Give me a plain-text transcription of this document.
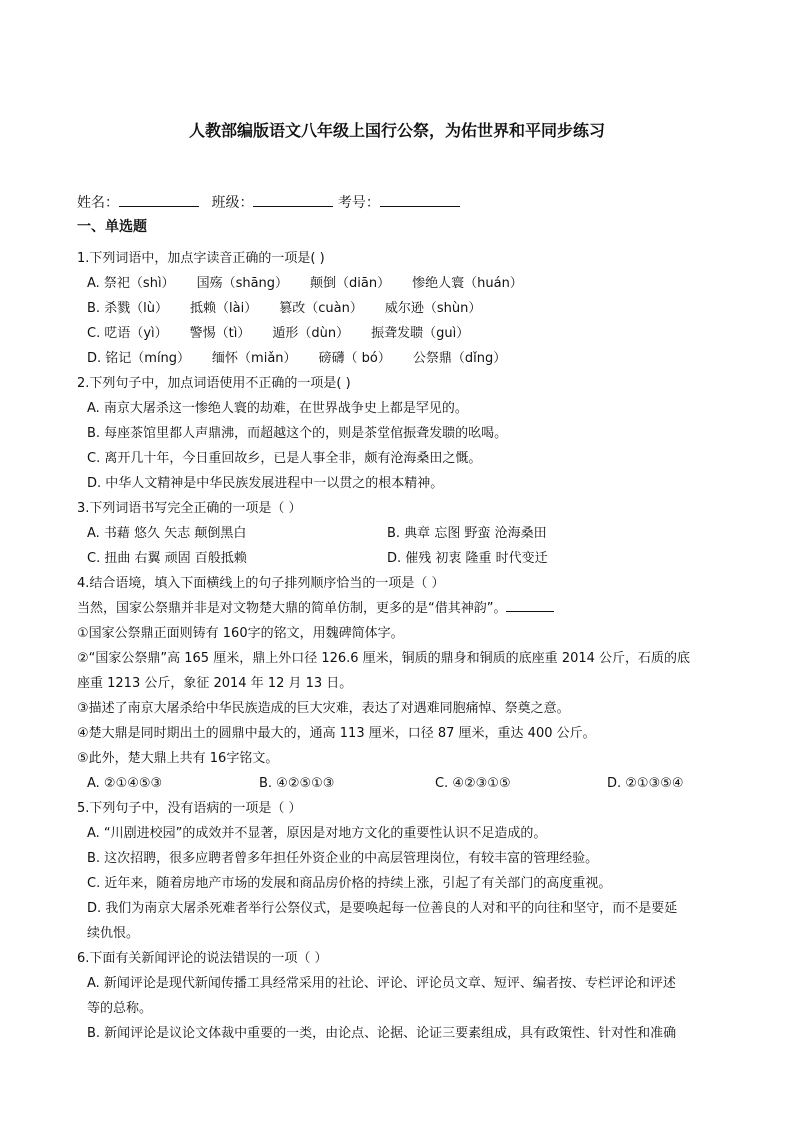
人教部编版语文八年级上国行公祭，为佑世界和平同步练习
姓名：	班级：	考号：
一、单选题
1.下列词语中，加点字读音正确的一项是( )
A. 祭祀（shì） 国殇（shāng） 颠倒（diān） 惨绝人寰（huán）
B. 杀戮（lù） 抵赖（lài） 篡改（cuàn） 威尔逊（shùn）
C. 呓语（yì） 警惕（tì） 遁形（dùn） 振聋发聩（guì）
D. 铭记（míng） 缅怀（miǎn） 磅礴（ bó） 公祭鼎（dǐng）
2.下列句子中，加点词语使用不正确的一项是( )
A. 南京大屠杀这一惨绝人寰的劫难，在世界战争史上都是罕见的。
B. 每座茶馆里都人声鼎沸，而超越这个的，则是茶堂倌振聋发聩的吆喝。
C. 离开几十年，今日重回故乡，已是人事全非，颇有沧海桑田之慨。
D. 中华人文精神是中华民族发展进程中一以贯之的根本精神。
3.下列词语书写完全正确的一项是（ ）
A. 书藉 悠久 矢志 颠倒黑白	B. 典章 忘图 野蛮 沧海桑田
C. 扭曲 右翼 顽固 百般抵赖	D. 催残 初衷 隆重 时代变迁
4.结合语境，填入下面横线上的句子排列顺序恰当的一项是（ ）
当然，国家公祭鼎并非是对文物楚大鼎的简单仿制，更多的是“借其神韵”。
①国家公祭鼎正面则铸有 160字的铭文，用魏碑简体字。
②“国家公祭鼎”高 165 厘米，鼎上外口径 126.6 厘米，铜质的鼎身和铜质的底座重 2014 公斤，石质的底
座重 1213 公斤，象征 2014 年 12 月 13 日。
③描述了南京大屠杀给中华民族造成的巨大灾难，表达了对遇难同胞痛悼、祭奠之意。
④楚大鼎是同时期出土的圆鼎中最大的，通高 113 厘米，口径 87 厘米，重达 400 公斤。
⑤此外，楚大鼎上共有 16字铭文。
A. ②①④⑤③	B. ④②⑤①③	C. ④②③①⑤	D. ②①③⑤④
5.下列句子中，没有语病的一项是（ ）
A. “川剧进校园”的成效并不显著，原因是对地方文化的重要性认识不足造成的。
B. 这次招聘，很多应聘者曾多年担任外资企业的中高层管理岗位，有较丰富的管理经验。
C. 近年来，随着房地产市场的发展和商品房价格的持续上涨，引起了有关部门的高度重视。
D. 我们为南京大屠杀死难者举行公祭仪式，是要唤起每一位善良的人对和平的向往和坚守，而不是要延
续仇恨。
6.下面有关新闻评论的说法错误的一项（ ）
A. 新闻评论是现代新闻传播工具经常采用的社论、评论、评论员文章、短评、编者按、专栏评论和评述
等的总称。
B. 新闻评论是议论文体裁中重要的一类，由论点、论据、论证三要素组成，具有政策性、针对性和准确
